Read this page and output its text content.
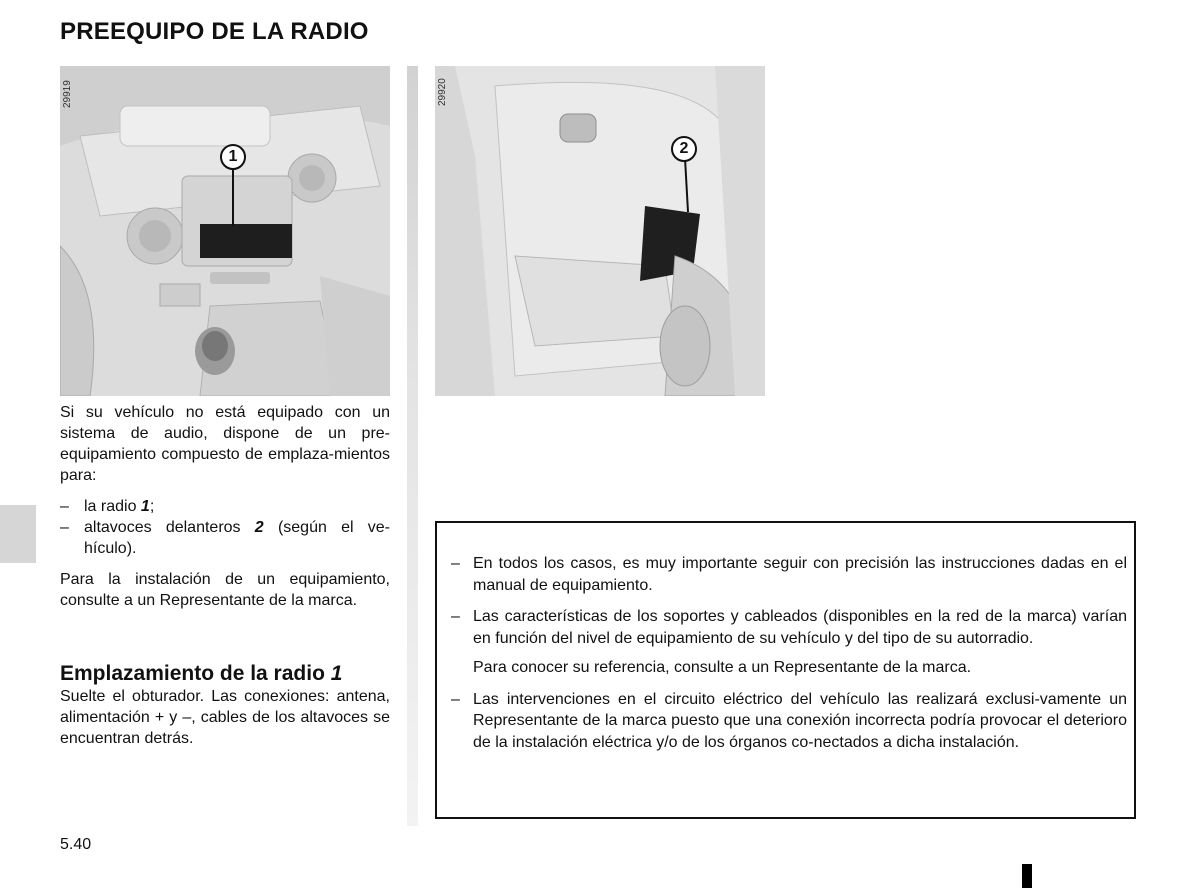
PREEQUIPO DE LA RADIO
1
29919
2
29920

Si su vehículo no está equipado con un sistema de audio, dispone de un pre-equipamiento compuesto de emplaza-mientos para:

– la radio 1;
– altavoces delanteros 2 (según el ve-hículo).

Para la instalación de un equipamiento, consulte a un Representante de la marca.

Emplazamiento de la radio 1

Suelte el obturador. Las conexiones: antena, alimentación + y –, cables de los altavoces se encuentran detrás.

– En todos los casos, es muy importante seguir con precisión las instrucciones dadas en el manual de equipamiento.
– Las características de los soportes y cableados (disponibles en la red de la marca) varían en función del nivel de equipamiento de su vehículo y del tipo de su autorradio.
Para conocer su referencia, consulte a un Representante de la marca.
– Las intervenciones en el circuito eléctrico del vehículo las realizará exclusi-vamente un Representante de la marca puesto que una conexión incorrecta podría provocar el deterioro de la instalación eléctrica y/o de los órganos co-nectados a dicha instalación.
5.40
